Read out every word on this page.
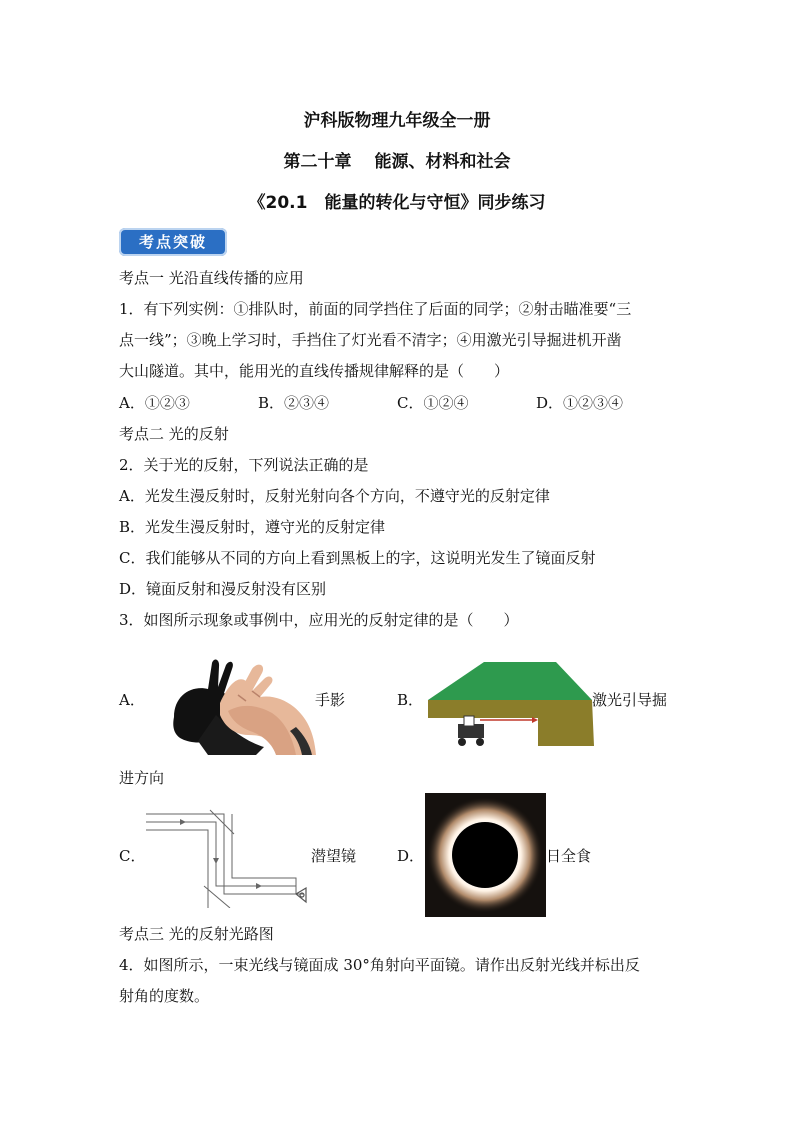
沪科版物理九年级全一册
第二十章　 能源、材料和社会
《20.1　能量的转化与守恒》同步练习
考点突破
考点一 光沿直线传播的应用
1．有下列实例：①排队时，前面的同学挡住了后面的同学；②射击瞄准要“三
点一线”；③晚上学习时，手挡住了灯光看不清字；④用激光引导掘进机开凿
大山隧道。其中，能用光的直线传播规律解释的是（　　）
A．①②③	B．②③④	C．①②④	D．①②③④
考点二 光的反射
2．关于光的反射，下列说法正确的是
A．光发生漫反射时，反射光射向各个方向，不遵守光的反射定律
B．光发生漫反射时，遵守光的反射定律
C．我们能够从不同的方向上看到黑板上的字，这说明光发生了镜面反射
D．镜面反射和漫反射没有区别
3．如图所示现象或事例中，应用光的反射定律的是（　　）
A．	手影	B．	激光引导掘
进方向
C．	潜望镜	D．	日全食
考点三 光的反射光路图
4．如图所示，一束光线与镜面成 30°角射向平面镜。请作出反射光线并标出反
射角的度数。
